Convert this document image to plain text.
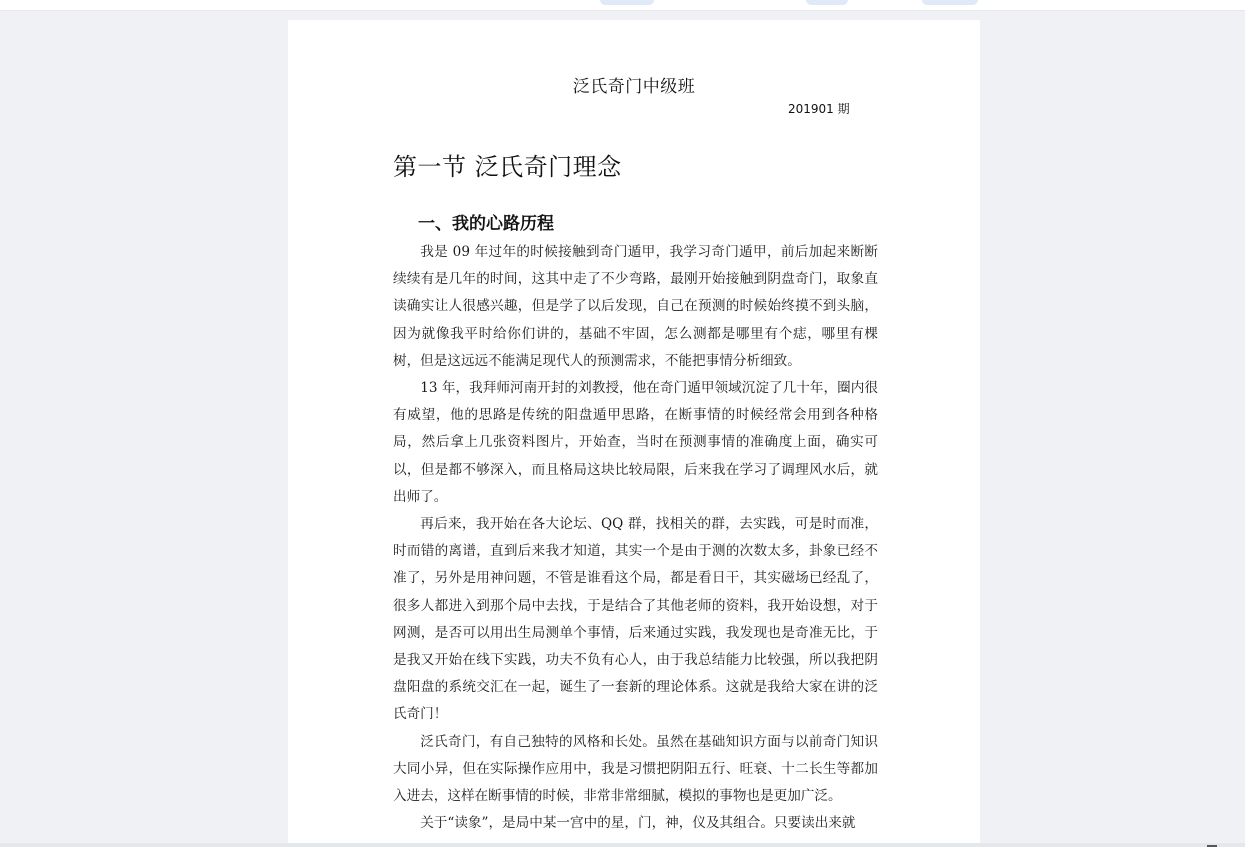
泛氏奇门中级班
201901 期
第一节 泛氏奇门理念
一、我的心路历程

我是 09 年过年的时候接触到奇门遁甲，我学习奇门遁甲，前后加起来断断续续有是几年的时间，这其中走了不少弯路，最刚开始接触到阴盘奇门，取象直读确实让人很感兴趣，但是学了以后发现，自己在预测的时候始终摸不到头脑，因为就像我平时给你们讲的，基础不牢固，怎么测都是哪里有个痣，哪里有棵树，但是这远远不能满足现代人的预测需求，不能把事情分析细致。

13 年，我拜师河南开封的刘教授，他在奇门遁甲领域沉淀了几十年，圈内很有威望，他的思路是传统的阳盘遁甲思路，在断事情的时候经常会用到各种格局，然后拿上几张资料图片，开始查，当时在预测事情的准确度上面，确实可以，但是都不够深入，而且格局这块比较局限，后来我在学习了调理风水后，就出师了。

再后来，我开始在各大论坛、QQ 群，找相关的群，去实践，可是时而准，时而错的离谱，直到后来我才知道，其实一个是由于测的次数太多，卦象已经不准了，另外是用神问题，不管是谁看这个局，都是看日干，其实磁场已经乱了，很多人都进入到那个局中去找，于是结合了其他老师的资料，我开始设想，对于网测，是否可以用出生局测单个事情，后来通过实践，我发现也是奇准无比，于是我又开始在线下实践，功夫不负有心人，由于我总结能力比较强，所以我把阴盘阳盘的系统交汇在一起，诞生了一套新的理论体系。这就是我给大家在讲的泛氏奇门！

泛氏奇门，有自己独特的风格和长处。虽然在基础知识方面与以前奇门知识大同小异，但在实际操作应用中，我是习惯把阴阳五行、旺衰、十二长生等都加入进去，这样在断事情的时候，非常非常细腻，模拟的事物也是更加广泛。

关于“读象”，是局中某一宫中的星，门，神，仪及其组合。只要读出来就
